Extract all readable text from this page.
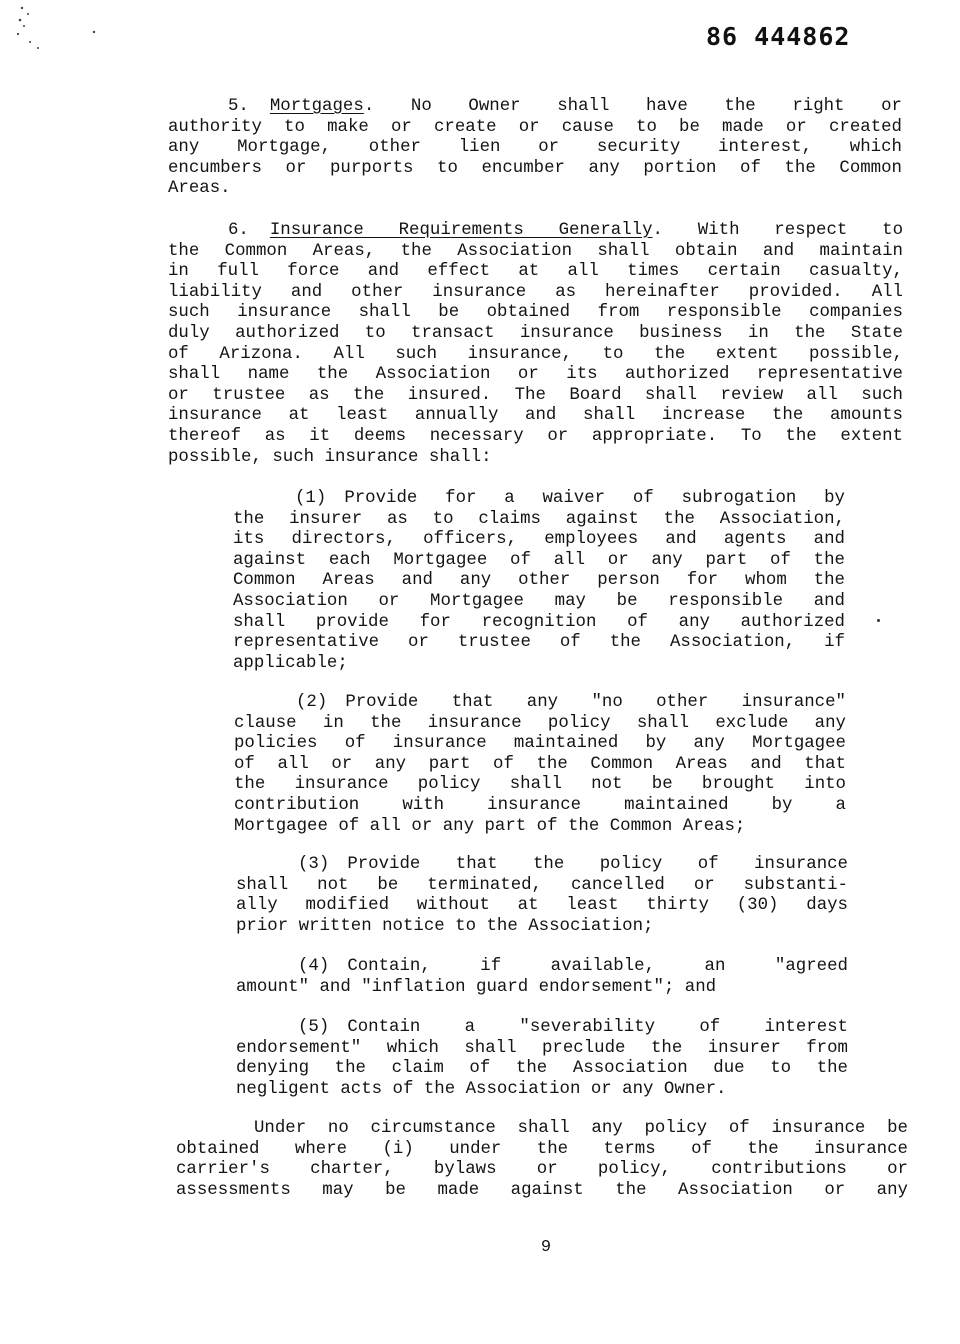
86 444862
5. Mortgages. No Owner shall have the right or
authority to make or create or cause to be made or created
any Mortgage, other lien or security interest, which
encumbers or purports to encumber any portion of the Common
Areas.
6. Insurance Requirements Generally. With respect to
the Common Areas, the Association shall obtain and maintain
in full force and effect at all times certain casualty,
liability and other insurance as hereinafter provided. All
such insurance shall be obtained from responsible companies
duly authorized to transact insurance business in the State
of Arizona. All such insurance, to the extent possible,
shall name the Association or its authorized representative
or trustee as the insured. The Board shall review all such
insurance at least annually and shall increase the amounts
thereof as it deems necessary or appropriate. To the extent
possible, such insurance shall:
(1) Provide for a waiver of subrogation by
the insurer as to claims against the Association,
its directors, officers, employees and agents and
against each Mortgagee of all or any part of the
Common Areas and any other person for whom the
Association or Mortgagee may be responsible and
shall provide for recognition of any authorized
representative or trustee of the Association, if
applicable;
(2) Provide that any "no other insurance"
clause in the insurance policy shall exclude any
policies of insurance maintained by any Mortgagee
of all or any part of the Common Areas and that
the insurance policy shall not be brought into
contribution with insurance maintained by a
Mortgagee of all or any part of the Common Areas;
(3) Provide that the policy of insurance
shall not be terminated, cancelled or substanti-
ally modified without at least thirty (30) days
prior written notice to the Association;
(4) Contain, if available, an "agreed
amount" and "inflation guard endorsement"; and
(5) Contain a "severability of interest
endorsement" which shall preclude the insurer from
denying the claim of the Association due to the
negligent acts of the Association or any Owner.
Under no circumstance shall any policy of insurance be
obtained where (i) under the terms of the insurance
carrier's charter, bylaws or policy, contributions or
assessments may be made against the Association or any
9
